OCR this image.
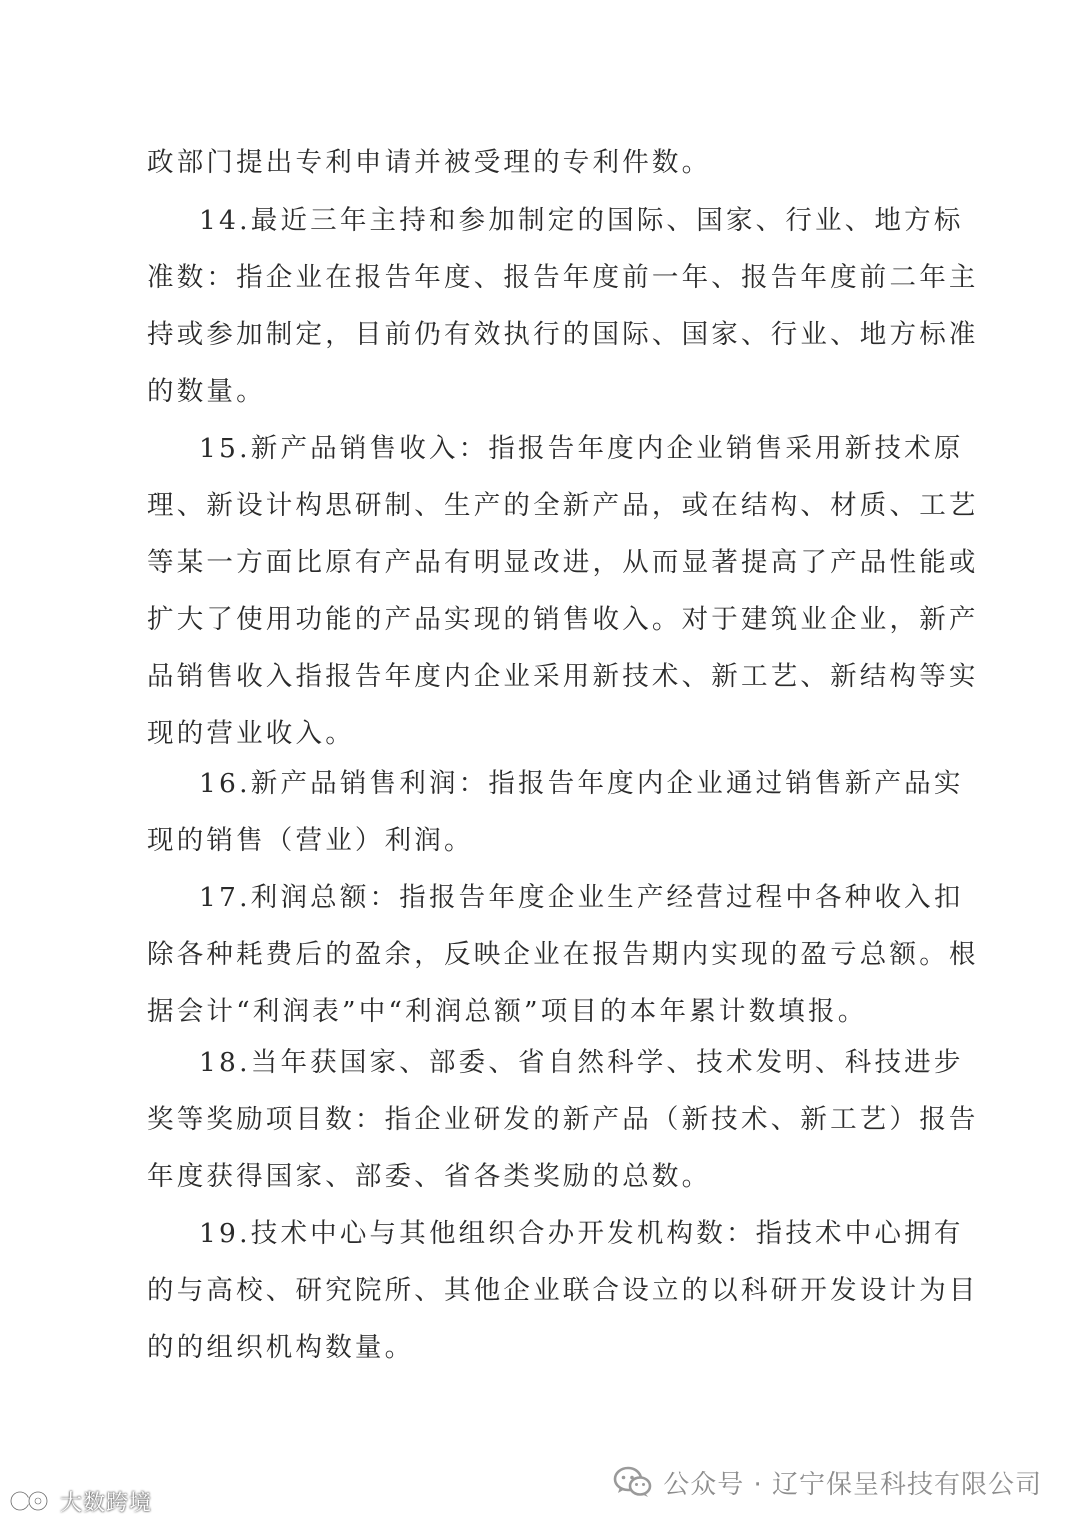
政部门提出专利申请并被受理的专利件数。
14.最近三年主持和参加制定的国际、国家、行业、地方标
准数：指企业在报告年度、报告年度前一年、报告年度前二年主
持或参加制定，目前仍有效执行的国际、国家、行业、地方标准
的数量。
15.新产品销售收入：指报告年度内企业销售采用新技术原
理、新设计构思研制、生产的全新产品，或在结构、材质、工艺
等某一方面比原有产品有明显改进，从而显著提高了产品性能或
扩大了使用功能的产品实现的销售收入。对于建筑业企业，新产
品销售收入指报告年度内企业采用新技术、新工艺、新结构等实
现的营业收入。
16.新产品销售利润：指报告年度内企业通过销售新产品实
现的销售（营业）利润。
17.利润总额：指报告年度企业生产经营过程中各种收入扣
除各种耗费后的盈余，反映企业在报告期内实现的盈亏总额。根
据会计“利润表”中“利润总额”项目的本年累计数填报。
18.当年获国家、部委、省自然科学、技术发明、科技进步
奖等奖励项目数：指企业研发的新产品（新技术、新工艺）报告
年度获得国家、部委、省各类奖励的总数。
19.技术中心与其他组织合办开发机构数：指技术中心拥有
的与高校、研究院所、其他企业联合设立的以科研开发设计为目
的的组织机构数量。
公众号 · 辽宁保呈科技有限公司
大数跨境
